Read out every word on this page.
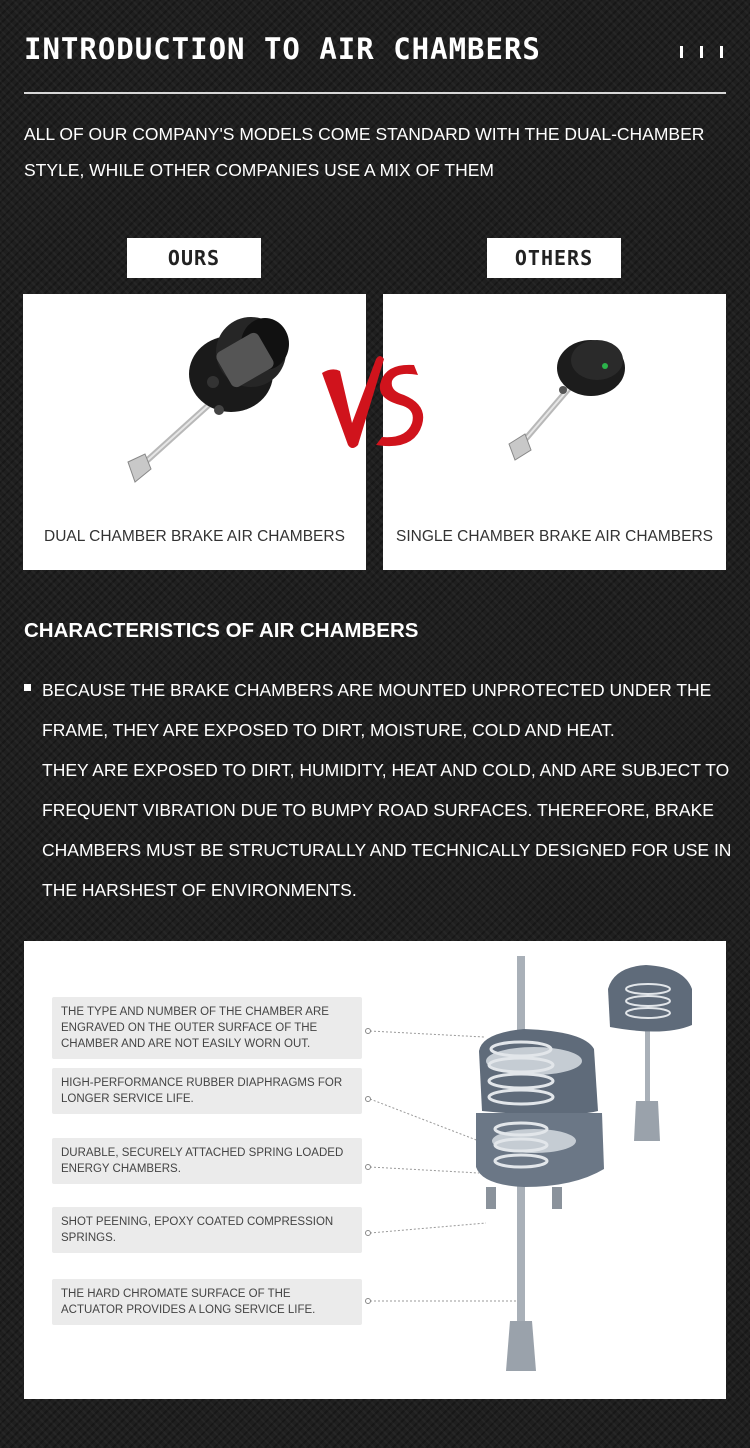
INTRODUCTION TO AIR CHAMBERS
ALL OF OUR COMPANY'S MODELS COME STANDARD WITH THE DUAL-CHAMBER STYLE, WHILE OTHER COMPANIES USE A MIX OF THEM
OURS	OTHERS
DUAL CHAMBER BRAKE AIR CHAMBERS	SINGLE CHAMBER BRAKE AIR CHAMBERS
CHARACTERISTICS OF AIR CHAMBERS

BECAUSE THE BRAKE CHAMBERS ARE MOUNTED UNPROTECTED UNDER THE FRAME, THEY ARE EXPOSED TO DIRT, MOISTURE, COLD AND HEAT.

THEY ARE EXPOSED TO DIRT, HUMIDITY, HEAT AND COLD, AND ARE SUBJECT TO FREQUENT VIBRATION DUE TO BUMPY ROAD SURFACES. THEREFORE, BRAKE CHAMBERS MUST BE STRUCTURALLY AND TECHNICALLY DESIGNED FOR USE IN THE HARSHEST OF ENVIRONMENTS.

THE TYPE AND NUMBER OF THE CHAMBER ARE ENGRAVED ON THE OUTER SURFACE OF THE CHAMBER AND ARE NOT EASILY WORN OUT.
HIGH-PERFORMANCE RUBBER DIAPHRAGMS FOR LONGER SERVICE LIFE.
DURABLE, SECURELY ATTACHED SPRING LOADED ENERGY CHAMBERS.
SHOT PEENING, EPOXY COATED COMPRESSION SPRINGS.
THE HARD CHROMATE SURFACE OF THE ACTUATOR PROVIDES A LONG SERVICE LIFE.
